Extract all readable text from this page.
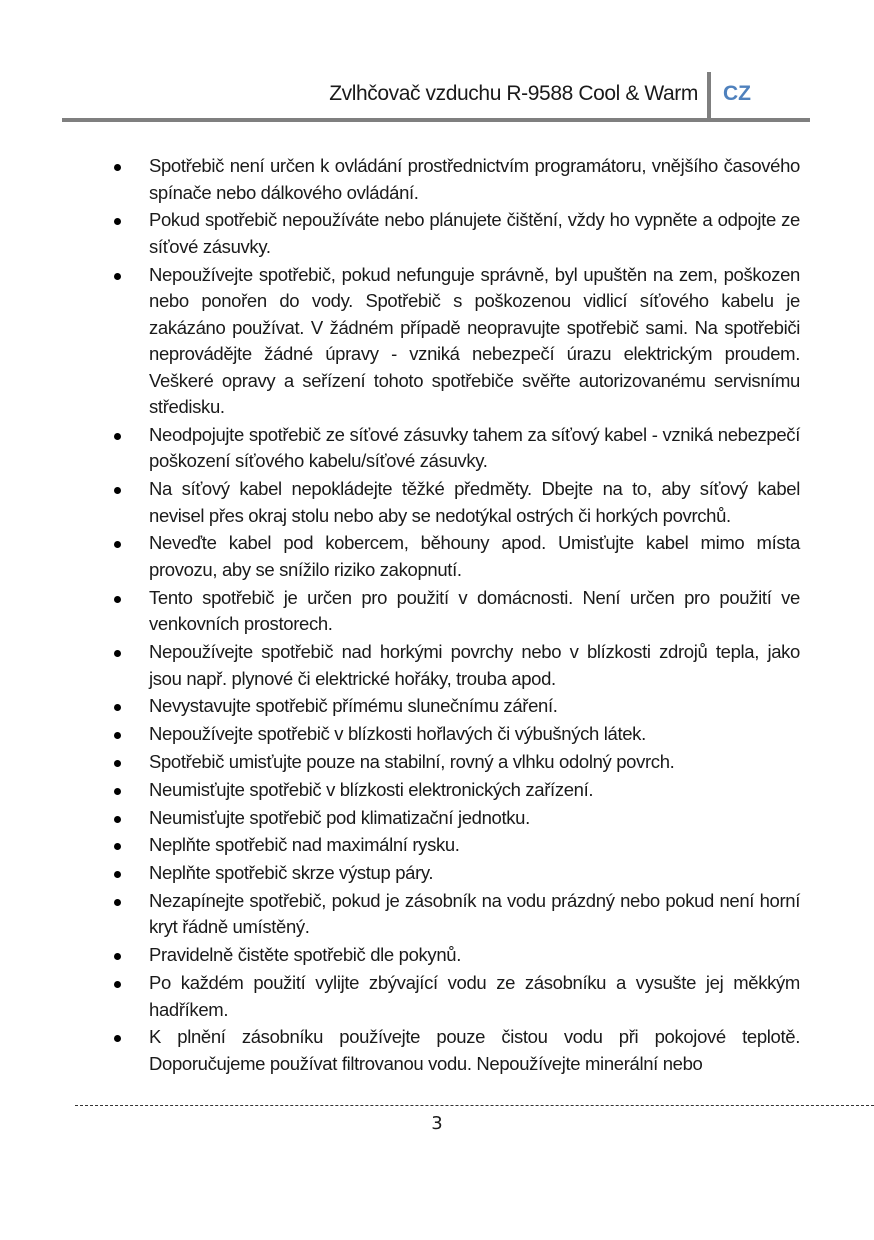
Zvlhčovač vzduchu R-9588 Cool & Warm CZ
Spotřebič není určen k ovládání prostřednictvím programátoru, vnějšího časového spínače nebo dálkového ovládání.
Pokud spotřebič nepoužíváte nebo plánujete čištění, vždy ho vypněte a odpojte ze síťové zásuvky.
Nepoužívejte spotřebič, pokud nefunguje správně, byl upuštěn na zem, poškozen nebo ponořen do vody. Spotřebič s poškozenou vidlicí síťového kabelu je zakázáno používat. V žádném případě neopravujte spotřebič sami. Na spotřebiči neprovádějte žádné úpravy - vzniká nebezpečí úrazu elektrickým proudem. Veškeré opravy a seřízení tohoto spotřebiče svěřte autorizovanému servisnímu středisku.
Neodpojujte spotřebič ze síťové zásuvky tahem za síťový kabel - vzniká nebezpečí poškození síťového kabelu/síťové zásuvky.
Na síťový kabel nepokládejte těžké předměty. Dbejte na to, aby síťový kabel nevisel přes okraj stolu nebo aby se nedotýkal ostrých či horkých povrchů.
Neveďte kabel pod kobercem, běhouny apod. Umisťujte kabel mimo místa provozu, aby se snížilo riziko zakopnutí.
Tento spotřebič je určen pro použití v domácnosti. Není určen pro použití ve venkovních prostorech.
Nepoužívejte spotřebič nad horkými povrchy nebo v blízkosti zdrojů tepla, jako jsou např. plynové či elektrické hořáky, trouba apod.
Nevystavujte spotřebič přímému slunečnímu záření.
Nepoužívejte spotřebič v blízkosti hořlavých či výbušných látek.
Spotřebič umisťujte pouze na stabilní, rovný a vlhku odolný povrch.
Neumisťujte spotřebič v blízkosti elektronických zařízení.
Neumisťujte spotřebič pod klimatizační jednotku.
Neplňte spotřebič nad maximální rysku.
Neplňte spotřebič skrze výstup páry.
Nezapínejte spotřebič, pokud je zásobník na vodu prázdný nebo pokud není horní kryt řádně umístěný.
Pravidelně čistěte spotřebič dle pokynů.
Po každém použití vylijte zbývající vodu ze zásobníku a vysušte jej měkkým hadříkem.
K plnění zásobníku používejte pouze čistou vodu při pokojové teplotě. Doporučujeme používat filtrovanou vodu. Nepoužívejte minerální nebo
3
